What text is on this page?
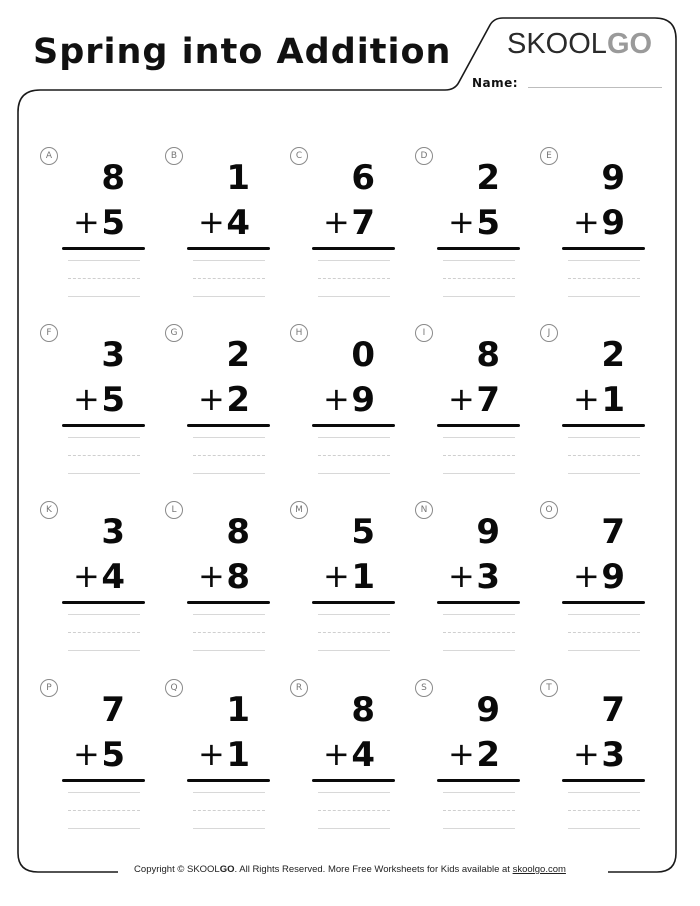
Spring into Addition SKOOLGO
Name:
A
8
+ 5
B
1
+ 4
C
6
+ 7
D
2
+ 5
E
9
+ 9
F
3
+ 5
G
2
+ 2
H
0
+ 9
I
8
+ 7
J
2
+ 1
K
3
+ 4
L
8
+ 8
M
5
+ 1
N
9
+ 3
O
7
+ 9
P
7
+ 5
Q
1
+ 1
R
8
+ 4
S
9
+ 2
T
7
+ 3
Copyright © SKOOLGO. All Rights Reserved. More Free Worksheets for Kids available at skoolgo.com
